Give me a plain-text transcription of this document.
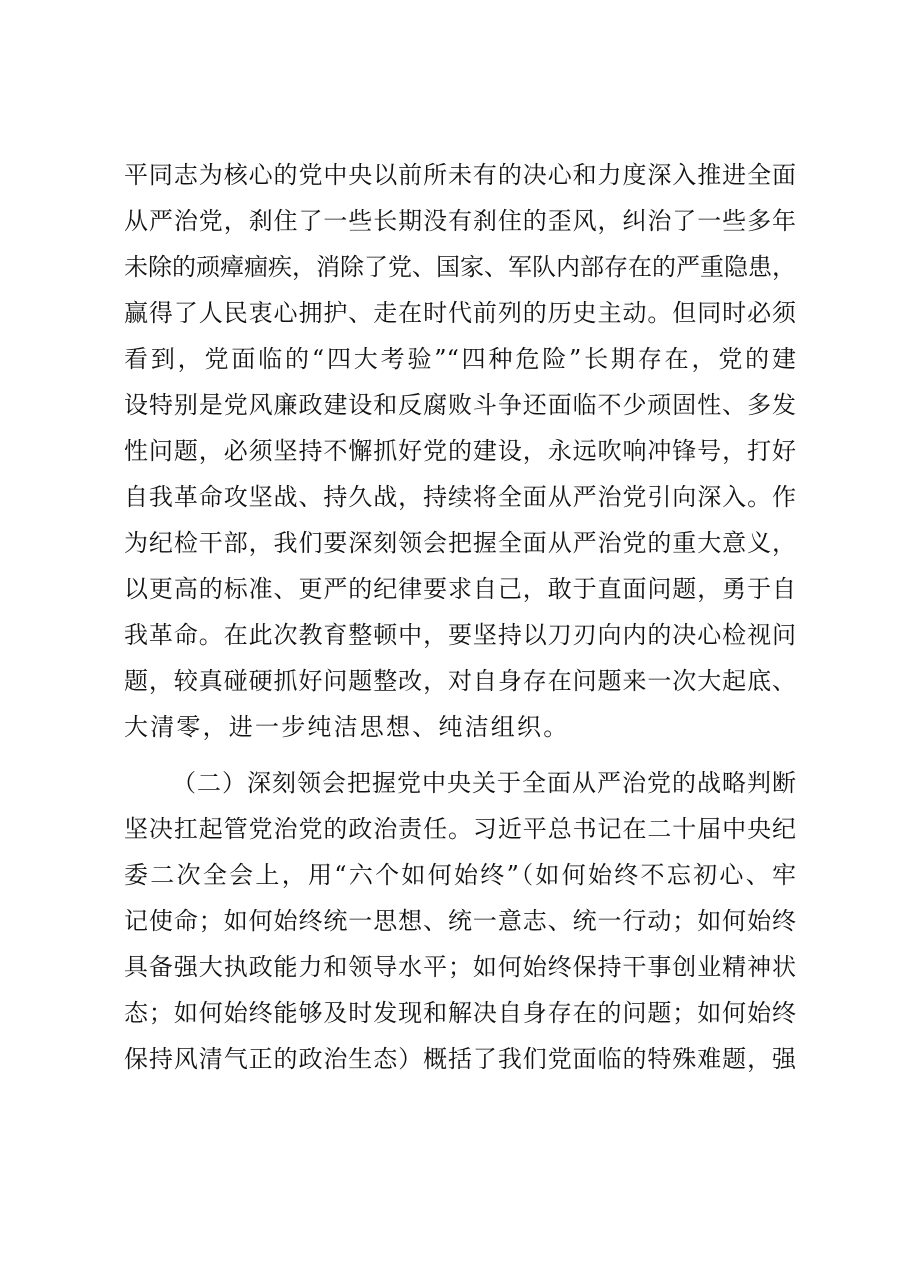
平同志为核心的党中央以前所未有的决心和力度深入推进全面
从严治党，刹住了一些长期没有刹住的歪风，纠治了一些多年
未除的顽瘴痼疾，消除了党、国家、军队内部存在的严重隐患，
赢得了人民衷心拥护、走在时代前列的历史主动。但同时必须
看到，党面临的“四大考验”“四种危险”长期存在，党的建
设特别是党风廉政建设和反腐败斗争还面临不少顽固性、多发
性问题，必须坚持不懈抓好党的建设，永远吹响冲锋号，打好
自我革命攻坚战、持久战，持续将全面从严治党引向深入。作
为纪检干部，我们要深刻领会把握全面从严治党的重大意义，
以更高的标准、更严的纪律要求自己，敢于直面问题，勇于自
我革命。在此次教育整顿中，要坚持以刀刃向内的决心检视问
题，较真碰硬抓好问题整改，对自身存在问题来一次大起底、
大清零，进一步纯洁思想、纯洁组织。
（二）深刻领会把握党中央关于全面从严治党的战略判断
坚决扛起管党治党的政治责任。习近平总书记在二十届中央纪
委二次全会上，用“六个如何始终”（如何始终不忘初心、牢
记使命；如何始终统一思想、统一意志、统一行动；如何始终
具备强大执政能力和领导水平；如何始终保持干事创业精神状
态；如何始终能够及时发现和解决自身存在的问题；如何始终
保持风清气正的政治生态）概括了我们党面临的特殊难题，强
